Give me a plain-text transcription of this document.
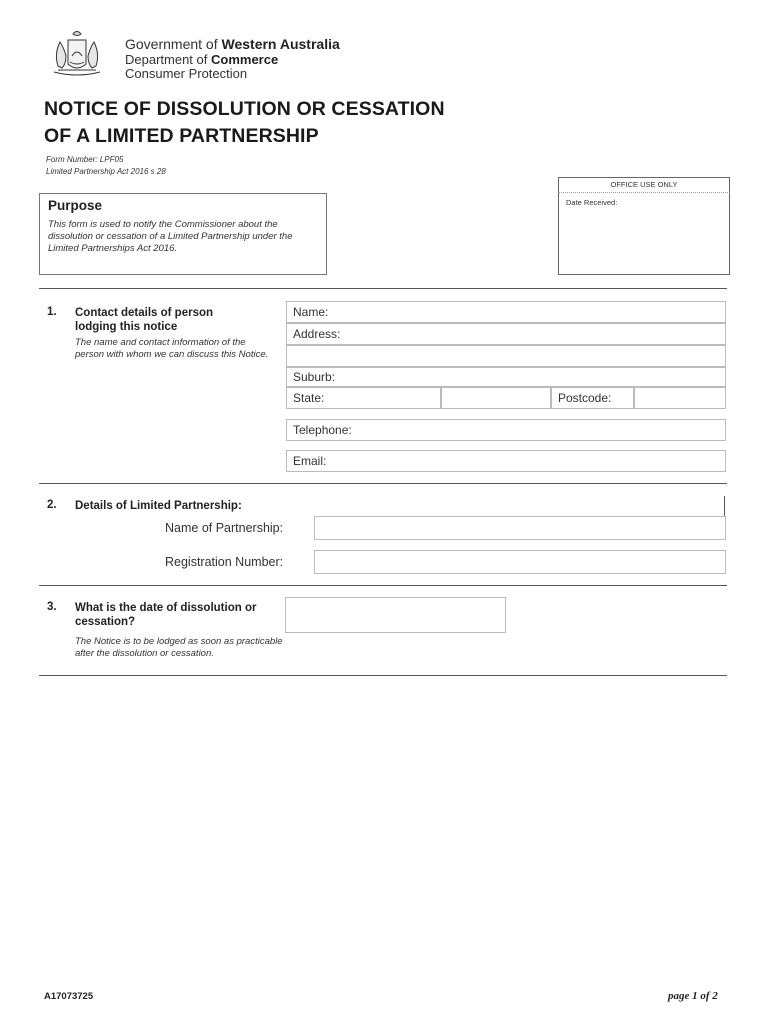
Government of Western Australia
Department of Commerce
Consumer Protection
NOTICE OF DISSOLUTION OR CESSATION
OF A LIMITED PARTNERSHIP
Form Number: LPF05
Limited Partnership Act 2016 s 28
OFFICE USE ONLY
Date Received:
Purpose
This form is used to notify the Commissioner about the dissolution or cessation of a Limited Partnership under the Limited Partnerships Act 2016.
1. Contact details of person
lodging this notice
The name and contact information of the person with whom we can discuss this Notice.
Name:
Address:
Suburb:
State:	Postcode:
Telephone:
Email:
2. Details of Limited Partnership:
Name of Partnership:
Registration Number:
3. What is the date of dissolution or
cessation?
The Notice is to be lodged as soon as practicable after the dissolution or cessation.
A17073725	page 1 of 2
